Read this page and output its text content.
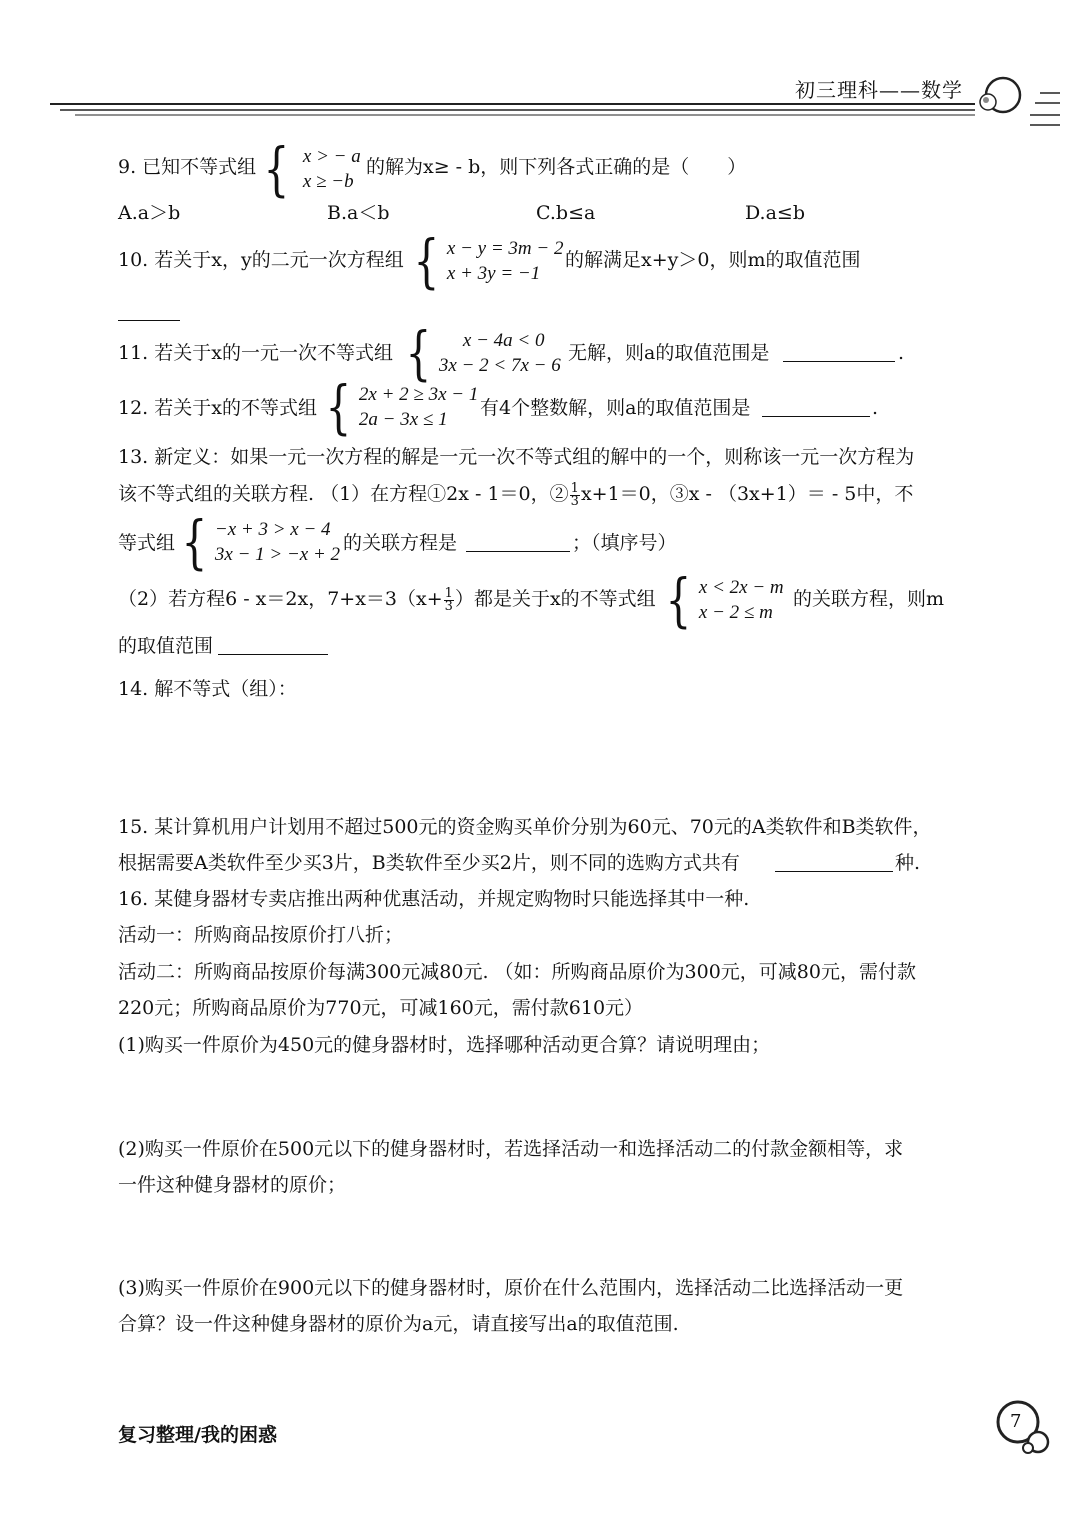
初三理科——数学
9. 已知不等式组 { x > − a
x ≥ −b
的解为x≥ - b，则下列各式正确的是（　　）
A.a＞b	B.a＜b	C.b≤a	D.a≤b
10. 若关于x，y的二元一次方程组 { x − y = 3m − 2
x + 3y = −1
的解满足x+y＞0，则m的取值范围
11. 若关于x的一元一次不等式组 {	x − 4a < 0
3x − 2 < 7x − 6
无解，则a的取值范围是	.
12. 若关于x的不等式组 { 2x + 2 ≥ 3x − 1
2a − 3x ≤ 1
有4个整数解，则a的取值范围是	.
13. 新定义：如果一元一次方程的解是一元一次不等式组的解中的一个，则称该一元一次方程为
该不等式组的关联方程. （1）在方程①2x - 1＝0，② $\frac{1}{3} x+1=0$，③x - （3x+1）＝ - 5中，不
等式组 { −x + 3 > x − 4
3x − 1 > −x + 2
的关联方程是	；（填序号）
（2）若方程6 - x＝2x，$7+x=3(x+ \frac{1}{3}$ ）都是关于x的不等式组 { x < 2x − m
x − 2 ≤ m
的关联方程，则m
的取值范围
14. 解不等式（组）：
15. 某计算机用户计划用不超过500元的资金购买单价分别为60元、70元的A类软件和B类软件，
根据需要A类软件至少买3片，B类软件至少买2片，则不同的选购方式共有	种.
16. 某健身器材专卖店推出两种优惠活动，并规定购物时只能选择其中一种.
活动一：所购商品按原价打八折；
活动二：所购商品按原价每满300元减80元. （如：所购商品原价为300元，可减80元，需付款
220元；所购商品原价为770元，可减160元，需付款610元）
(1)购买一件原价为450元的健身器材时，选择哪种活动更合算？请说明理由；
(2)购买一件原价在500元以下的健身器材时，若选择活动一和选择活动二的付款金额相等，求
一件这种健身器材的原价；
(3)购买一件原价在900元以下的健身器材时，原价在什么范围内，选择活动二比选择活动一更
合算？设一件这种健身器材的原价为a元，请直接写出a的取值范围.
复习整理/我的困惑
7
